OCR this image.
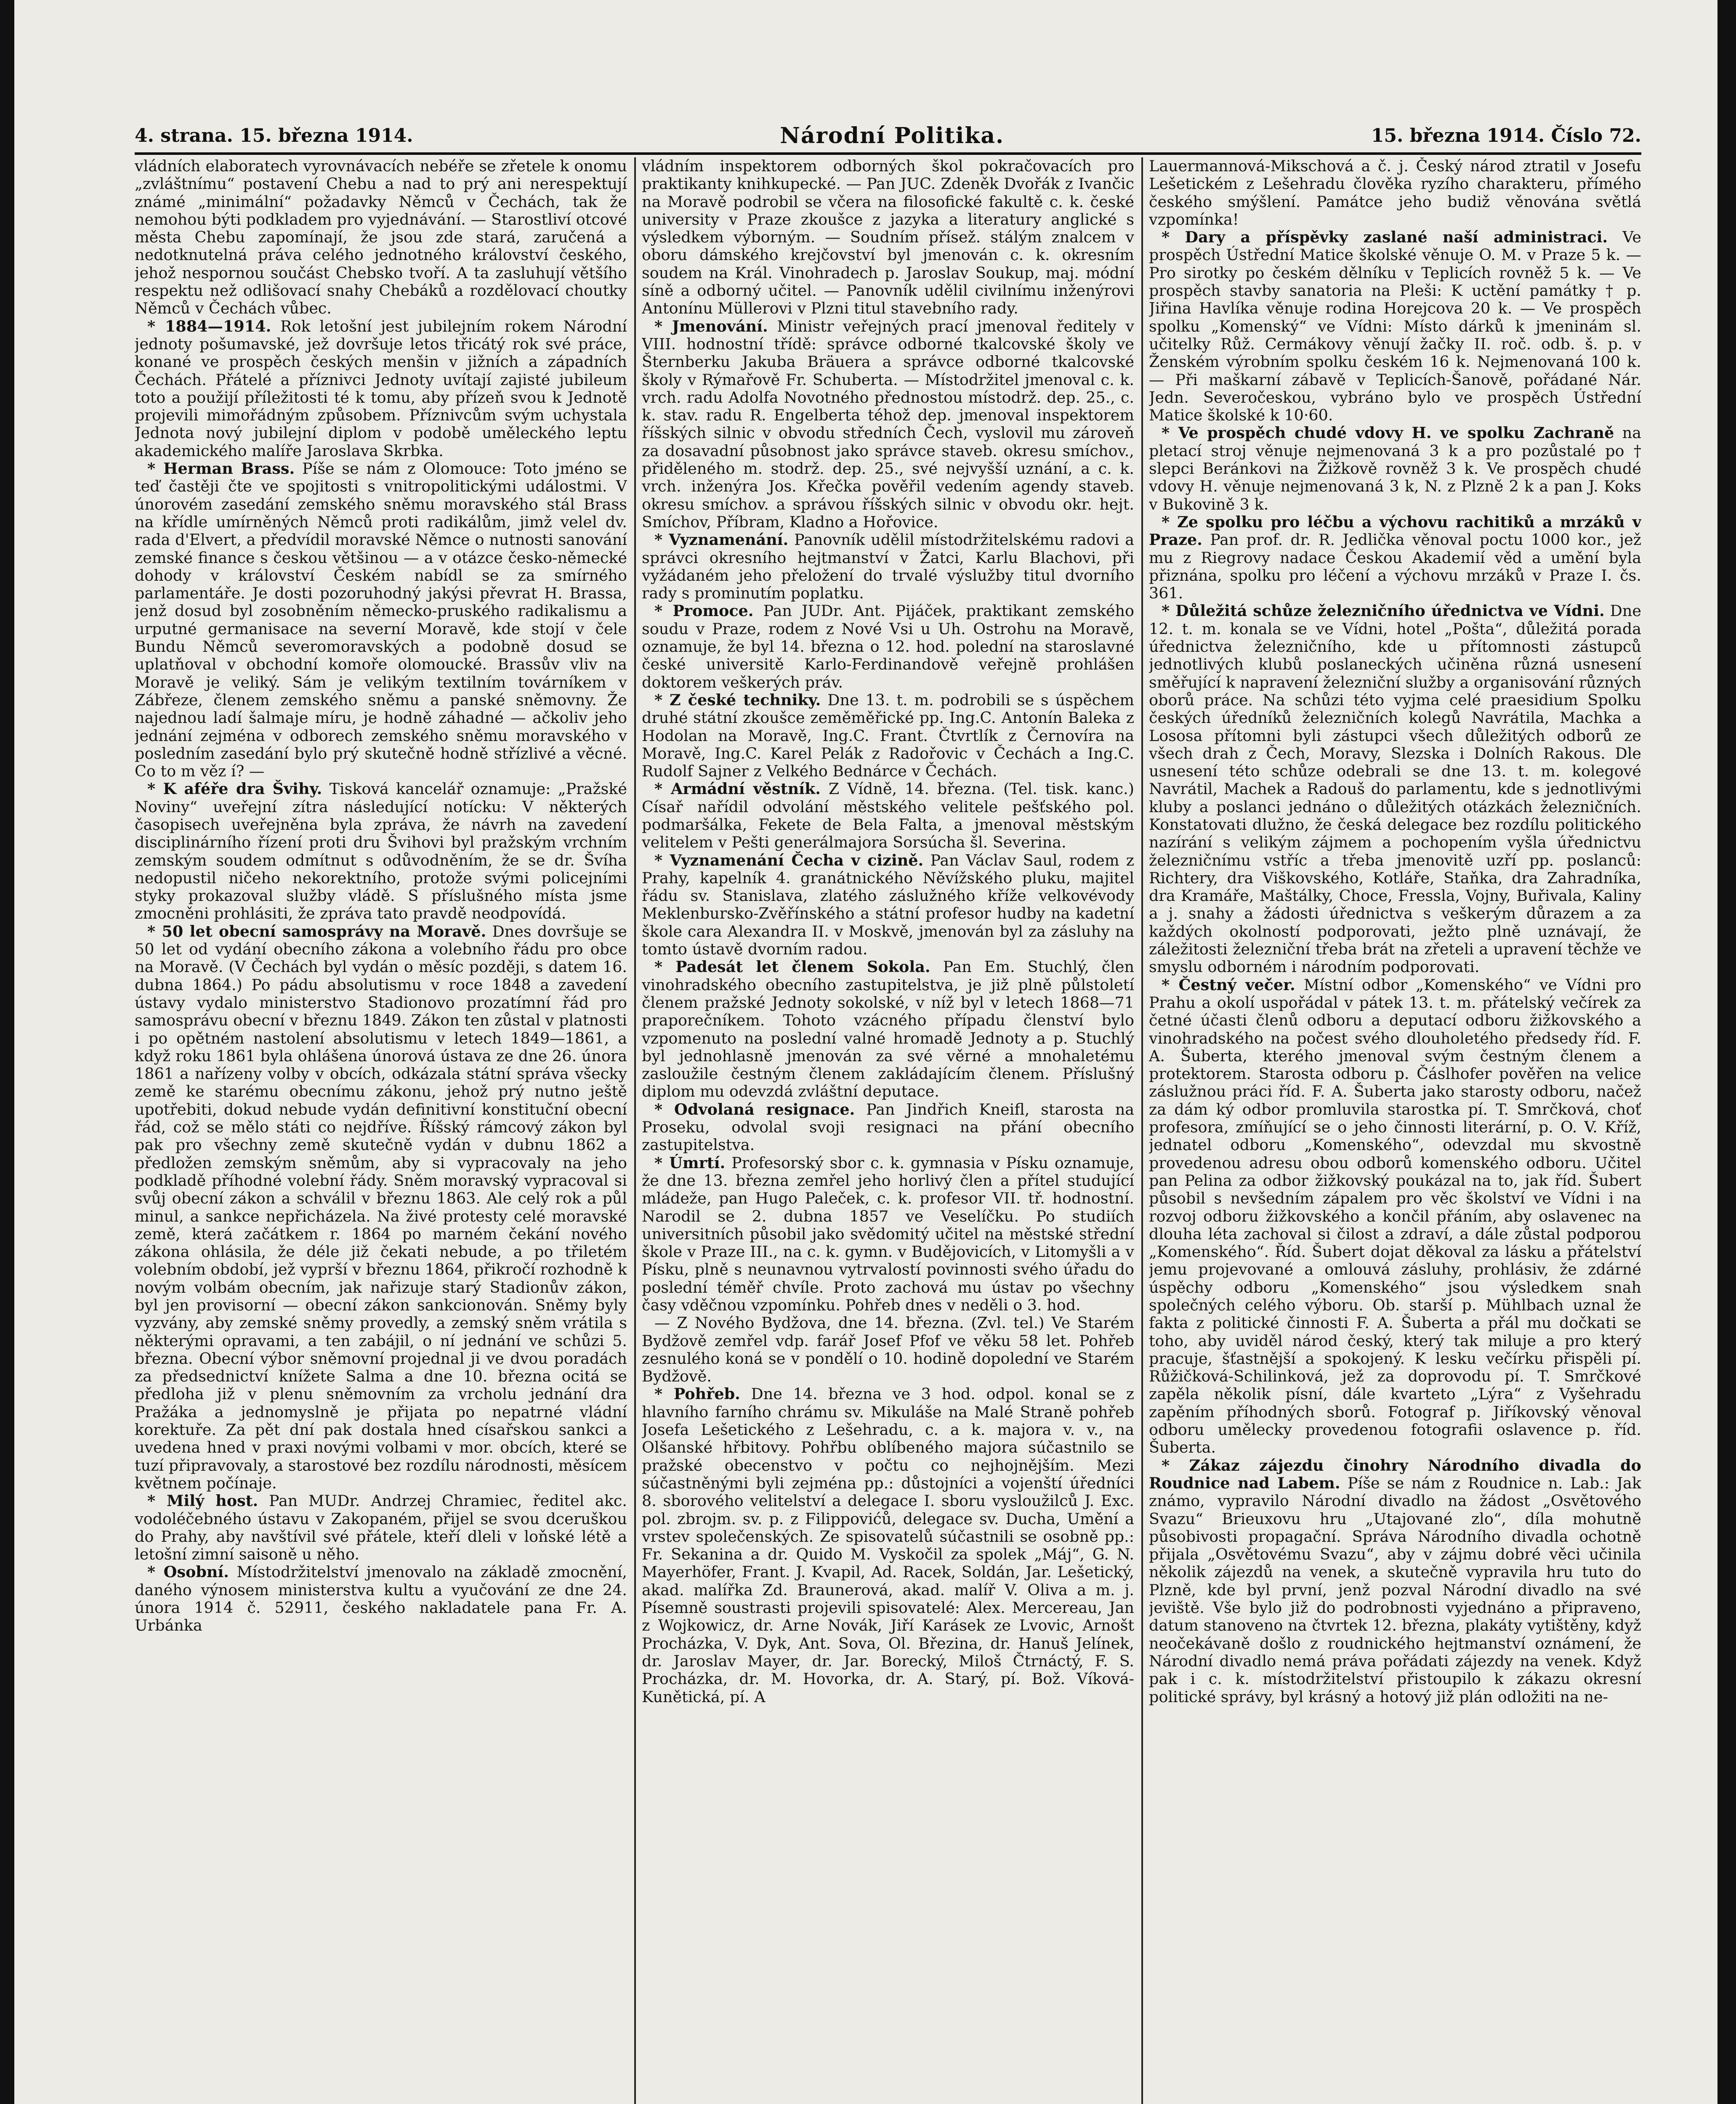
4. strana. 15. března 1914.	Národní Politika.	15. března 1914. Číslo 72.

vládních elaboratech vyrovnávacích nebéře se zřetele k onomu „zvláštnímu“ postavení Chebu a nad to prý ani nerespektují známé „minimální“ požadavky Němců v Čechách, tak že nemohou býti podkladem pro vyjednávání. — Starostliví otcové města Chebu zapomínají, že jsou zde stará, zaručená a nedotknutelná práva celého jednotného království českého, jehož nespornou součást Chebsko tvoří. A ta zasluhují většího respektu než odlišovací snahy Chebáků a rozdělovací choutky Němců v Čechách vůbec.

* 1884—1914. Rok letošní jest jubilejním rokem Národní jednoty pošumavské, jež dovršuje letos třicátý rok své práce, konané ve prospěch českých menšin v jižních a západních Čechách. Přátelé a příznivci Jednoty uvítají zajisté jubileum toto a použijí příležitosti té k tomu, aby přízeň svou k Jednotě projevili mimořádným způsobem. Příznivcům svým uchystala Jednota nový jubilejní diplom v podobě uměleckého leptu akademického malíře Jaroslava Skrbka.

* Herman Brass. Píše se nám z Olomouce: Toto jméno se teď častěji čte ve spojitosti s vnitropolitickými událostmi. V únorovém zasedání zemského sněmu moravského stál Brass na křídle umírněných Němců proti radikálům, jimž velel dv. rada d'Elvert, a předvídil moravské Němce o nutnosti sanování zemské finance s českou většinou — a v otázce česko-německé dohody v království Českém nabídl se za smírného parlamentáře. Je dosti pozoruhodný jakýsi převrat H. Brassa, jenž dosud byl zosobněním německo-pruského radikalismu a urputné germanisace na severní Moravě, kde stojí v čele Bundu Němců severomoravských a podobně dosud se uplatňoval v obchodní komoře olomoucké. Brassův vliv na Moravě je veliký. Sám je velikým textilním továrníkem v Zábřeze, členem zemského sněmu a panské sněmovny. Že najednou ladí šalmaje míru, je hodně záhadné — ačkoliv jeho jednání zejména v odborech zemského sněmu moravského v posledním zasedání bylo prý skutečně hodně střízlivé a věcné. Co to m věz í? —

* K aféře dra Švihy. Tisková kancelář oznamuje: „Pražské Noviny“ uveřejní zítra následující notícku: V některých časopisech uveřejněna byla zpráva, že návrh na zavedení disciplinárního řízení proti dru Švihovi byl pražským vrchním zemským soudem odmítnut s odůvodněním, že se dr. Švíha nedopustil ničeho nekorektního, protože svými policejními styky prokazoval služby vládě. S příslušného místa jsme zmocněni prohlásiti, že zpráva tato pravdě neodpovídá.

* 50 let obecní samosprávy na Moravě. Dnes dovršuje se 50 let od vydání obecního zákona a volebního řádu pro obce na Moravě. (V Čechách byl vydán o měsíc později, s datem 16. dubna 1864.) Po pádu absolutismu v roce 1848 a zavedení ústavy vydalo ministerstvo Stadionovo prozatímní řád pro samosprávu obecní v březnu 1849. Zákon ten zůstal v platnosti i po opětném nastolení absolutismu v letech 1849—1861, a když roku 1861 byla ohlášena únorová ústava ze dne 26. února 1861 a nařízeny volby v obcích, odkázala státní správa všecky země ke starému obecnímu zákonu, jehož prý nutno ještě upotřebiti, dokud nebude vydán definitivní konstituční obecní řád, což se mělo státi co nejdříve. Říšský rámcový zákon byl pak pro všechny země skutečně vydán v dubnu 1862 a předložen zemským sněmům, aby si vypracovaly na jeho podkladě příhodné volební řády. Sněm moravský vypracoval si svůj obecní zákon a schválil v březnu 1863. Ale celý rok a půl minul, a sankce nepřicházela. Na živé protesty celé moravské země, která začátkem r. 1864 po marném čekání nového zákona ohlásila, že déle již čekati nebude, a po třiletém volebním období, jež vyprší v březnu 1864, přikročí rozhodně k novým volbám obecním, jak nařizuje starý Stadionův zákon, byl jen provisorní — obecní zákon sankcionován. Sněmy byly vyzvány, aby zemské sněmy provedly, a zemský sněm vrátila s některými opravami, a ten zabájil, o ní jednání ve schůzi 5. března. Obecní výbor sněmovní projednal ji ve dvou poradách za předsednictví knížete Salma a dne 10. března ocitá se předloha již v plenu sněmovním za vrcholu jednání dra Pražáka a jednomyslně je přijata po nepatrné vládní korektuře. Za pět dní pak dostala hned císařskou sankci a uvedena hned v praxi novými volbami v mor. obcích, které se tuzí připravovaly, a starostové bez rozdílu národnosti, měsícem květnem počínaje.

* Milý host. Pan MUDr. Andrzej Chramiec, ředitel akc. vodoléčebného ústavu v Zakopaném, přijel se svou dceruškou do Prahy, aby navštívil své přátele, kteří dleli v loňské létě a letošní zimní saisoně u něho.

* Osobní. Místodržitelství jmenovalo na základě zmocnění, daného výnosem ministerstva kultu a vyučování ze dne 24. února 1914 č. 52911, českého nakladatele pana Fr. A. Urbánka

vládním inspektorem odborných škol pokračovacích pro praktikanty knihkupecké. — Pan JUC. Zdeněk Dvořák z Ivančic na Moravě podrobil se včera na filosofické fakultě c. k. české university v Praze zkoušce z jazyka a literatury anglické s výsledkem výborným. — Soudním přísež. stálým znalcem v oboru dámského krejčovství byl jmenován c. k. okresním soudem na Král. Vinohradech p. Jaroslav Soukup, maj. módní síně a odborný učitel. — Panovník udělil civilnímu inženýrovi Antonínu Müllerovi v Plzni titul stavebního rady.

* Jmenování. Ministr veřejných prací jmenoval ředitely v VIII. hodnostní třídě: správce odborné tkalcovské školy ve Šternberku Jakuba Bräuera a správce odborné tkalcovské školy v Rýmařově Fr. Schuberta. — Místodržitel jmenoval c. k. vrch. radu Adolfa Novotného přednostou místodrž. dep. 25., c. k. stav. radu R. Engelberta téhož dep. jmenoval inspektorem říšských silnic v obvodu středních Čech, vyslovil mu zároveň za dosavadní působnost jako správce staveb. okresu smíchov., přiděleného m. stodrž. dep. 25., své nejvyšší uznání, a c. k. vrch. inženýra Jos. Křečka pověřil vedením agendy staveb. okresu smíchov. a správou říšských silnic v obvodu okr. hejt. Smíchov, Příbram, Kladno a Hořovice.

* Vyznamenání. Panovník udělil místodržitelskému radovi a správci okresního hejtmanství v Žatci, Karlu Blachovi, při vyžádaném jeho přeložení do trvalé výslužby titul dvorního rady s prominutím poplatku.

* Promoce. Pan JUDr. Ant. Pijáček, praktikant zemského soudu v Praze, rodem z Nové Vsi u Uh. Ostrohu na Moravě, oznamuje, že byl 14. března o 12. hod. polední na staroslavné české universitě Karlo-Ferdinandově veřejně prohlášen doktorem veškerých práv.

* Z české techniky. Dne 13. t. m. podrobili se s úspěchem druhé státní zkoušce zeměměřické pp. Ing.C. Antonín Baleka z Hodolan na Moravě, Ing.C. Frant. Čtvrtlík z Černovíra na Moravě, Ing.C. Karel Pelák z Radořovic v Čechách a Ing.C. Rudolf Sajner z Velkého Bednárce v Čechách.

* Armádní věstník. Z Vídně, 14. března. (Tel. tisk. kanc.) Císař nařídil odvolání městského velitele pešťského pol. podmaršálka, Fekete de Bela Falta, a jmenoval městským velitelem v Pešti generálmajora Sorsúcha šl. Severina.

* Vyznamenání Čecha v cizině. Pan Václav Saul, rodem z Prahy, kapelník 4. granátnického Něvížského pluku, majitel řádu sv. Stanislava, zlatého záslužného kříže velkovévody Meklenbursko-Zvěřínského a státní profesor hudby na kadetní škole cara Alexandra II. v Moskvě, jmenován byl za zásluhy na tomto ústavě dvorním radou.

* Padesát let členem Sokola. Pan Em. Stuchlý, člen vinohradského obecního zastupitelstva, je již plně půlstoletí členem pražské Jednoty sokolské, v níž byl v letech 1868—71 praporečníkem. Tohoto vzácného případu členství bylo vzpomenuto na poslední valné hromadě Jednoty a p. Stuchlý byl jednohlasně jmenován za své věrné a mnohaletému zasloužile čestným členem zakládajícím členem. Příslušný diplom mu odevzdá zvláštní deputace.

* Odvolaná resignace. Pan Jindřich Kneifl, starosta na Proseku, odvolal svoji resignaci na přání obecního zastupitelstva.

* Úmrtí. Profesorský sbor c. k. gymnasia v Písku oznamuje, že dne 13. března zemřel jeho horlivý člen a přítel studující mládeže, pan Hugo Paleček, c. k. profesor VII. tř. hodnostní. Narodil se 2. dubna 1857 ve Veselíčku. Po studiích universitních působil jako svědomitý učitel na městské střední škole v Praze III., na c. k. gymn. v Budějovicích, v Litomyšli a v Písku, plně s neunavnou vytrvalostí povinnosti svého úřadu do poslední téměř chvíle. Proto zachová mu ústav po všechny časy vděčnou vzpomínku. Pohřeb dnes v neděli o 3. hod.

— Z Nového Bydžova, dne 14. března. (Zvl. tel.) Ve Starém Bydžově zemřel vdp. farář Josef Pfof ve věku 58 let. Pohřeb zesnulého koná se v pondělí o 10. hodině dopolední ve Starém Bydžově.

* Pohřeb. Dne 14. března ve 3 hod. odpol. konal se z hlavního farního chrámu sv. Mikuláše na Malé Straně pohřeb Josefa Lešetického z Lešehradu, c. a k. majora v. v., na Olšanské hřbitovy. Pohřbu oblíbeného majora súčastnilo se pražské obecenstvo v počtu co nejhojnějším. Mezi súčastněnými byli zejména pp.: důstojníci a vojenští úředníci 8. sborového velitelství a delegace I. sboru vysloužilců J. Exc. pol. zbrojm. sv. p. z Filippovićů, delegace sv. Ducha, Umění a vrstev společenských. Ze spisovatelů súčastnili se osobně pp.: Fr. Sekanina a dr. Quido M. Vyskočil za spolek „Máj“, G. N. Mayerhöfer, Frant. J. Kvapil, Ad. Racek, Soldán, Jar. Lešetický, akad. malířka Zd. Braunerová, akad. malíř V. Oliva a m. j. Písemně soustrasti projevili spisovatelé: Alex. Mercereau, Jan z Wojkowicz, dr. Arne Novák, Jiří Karásek ze Lvovic, Arnošt Procházka, V. Dyk, Ant. Sova, Ol. Březina, dr. Hanuš Jelínek, dr. Jaroslav Mayer, dr. Jar. Borecký, Miloš Čtrnáctý, F. S. Procházka, dr. M. Hovorka, dr. A. Starý, pí. Bož. Víková-Kunětická, pí. A

Lauermannová-Mikschová a č. j. Český národ ztratil v Josefu Lešetickém z Lešehradu člověka ryzího charakteru, přímého českého smýšlení. Památce jeho budiž věnována světlá vzpomínka!

* Dary a příspěvky zaslané naší administraci. Ve prospěch Ústřední Matice školské věnuje O. M. v Praze 5 k. — Pro sirotky po českém dělníku v Teplicích rovněž 5 k. — Ve prospěch stavby sanatoria na Pleši: K uctění památky † p. Jiřina Havlíka věnuje rodina Horejcova 20 k. — Ve prospěch spolku „Komenský“ ve Vídni: Místo dárků k jmeninám sl. učitelky Růž. Cermákovy věnují žačky II. roč. odb. š. p. v Ženském výrobním spolku českém 16 k. Nejmenovaná 100 k. — Při maškarní zábavě v Teplicích-Šanově, pořádané Nár. Jedn. Severočeskou, vybráno bylo ve prospěch Ústřední Matice školské k 10·60.

* Ve prospěch chudé vdovy H. ve spolku Zachraně na pletací stroj věnuje nejmenovaná 3 k a pro pozůstalé po † slepci Beránkovi na Žižkově rovněž 3 k. Ve prospěch chudé vdovy H. věnuje nejmenovaná 3 k, N. z Plzně 2 k a pan J. Koks v Bukovině 3 k.

* Ze spolku pro léčbu a výchovu rachitiků a mrzáků v Praze. Pan prof. dr. R. Jedlička věnoval poctu 1000 kor., jež mu z Riegrovy nadace Českou Akademií věd a umění byla přiznána, spolku pro léčení a výchovu mrzáků v Praze I. čs. 361.

* Důležitá schůze železničního úřednictva ve Vídni. Dne 12. t. m. konala se ve Vídni, hotel „Pošta“, důležitá porada úřednictva železničního, kde u přítomnosti zástupců jednotlivých klubů poslaneckých učiněna různá usnesení směřující k napravení železniční služby a organisování různých oborů práce. Na schůzi této vyjma celé praesidium Spolku českých úředníků železničních kolegů Navrátila, Machka a Lososa přítomni byli zástupci všech důležitých odborů ze všech drah z Čech, Moravy, Slezska i Dolních Rakous. Dle usnesení této schůze odebrali se dne 13. t. m. kolegové Navrátil, Machek a Radouš do parlamentu, kde s jednotlivými kluby a poslanci jednáno o důležitých otázkách železničních. Konstatovati dlužno, že česká delegace bez rozdílu politického nazírání s velikým zájmem a pochopením vyšla úřednictvu železničnímu vstříc a třeba jmenovitě uzří pp. poslanců: Richtery, dra Viškovského, Kotláře, Staňka, dra Zahradníka, dra Kramáře, Maštálky, Choce, Fressla, Vojny, Buřivala, Kaliny a j. snahy a žádosti úřednictva s veškerým důrazem a za každých okolností podporovati, ježto plně uznávají, že záležitosti železniční třeba brát na zřeteli a upravení těchže ve smyslu odborném i národním podporovati.

* Čestný večer. Místní odbor „Komenského“ ve Vídni pro Prahu a okolí uspořádal v pátek 13. t. m. přátelský večírek za četné účasti členů odboru a deputací odboru žižkovského a vinohradského na počest svého dlouholetého předsedy říd. F. A. Šuberta, kterého jmenoval svým čestným členem a protektorem. Starosta odboru p. Čáslhofer pověřen na velice záslužnou práci říd. F. A. Šuberta jako starosty odboru, načež za dám ký odbor promluvila starostka pí. T. Smrčková, choť profesora, zmíňující se o jeho činnosti literární, p. O. V. Kříž, jednatel odboru „Komenského“, odevzdal mu skvostně provedenou adresu obou odborů komenského odboru. Učitel pan Pelina za odbor žižkovský poukázal na to, jak říd. Šubert působil s nevšedním zápalem pro věc školství ve Vídni i na rozvoj odboru žižkovského a končil přáním, aby oslavenec na dlouha léta zachoval si čilost a zdraví, a dále zůstal podporou „Komenského“. Říd. Šubert dojat děkoval za lásku a přátelství jemu projevované a omlouvá zásluhy, prohlásiv, že zdárné úspěchy odboru „Komenského“ jsou výsledkem snah společných celého výboru. Ob. starší p. Mühlbach uznal že fakta z politické činnosti F. A. Šuberta a přál mu dočkati se toho, aby uviděl národ český, který tak miluje a pro který pracuje, šťastnější a spokojený. K lesku večírku přispěli pí. Růžičková-Schilinková, jež za doprovodu pí. T. Smrčkové zapěla několik písní, dále kvarteto „Lýra“ z Vyšehradu zapěním příhodných sborů. Fotograf p. Jiříkovský věnoval odboru umělecky provedenou fotografii oslavence p. říd. Šuberta.

* Zákaz zájezdu činohry Národního divadla do Roudnice nad Labem. Píše se nám z Roudnice n. Lab.: Jak známo, vypravilo Národní divadlo na žádost „Osvětového Svazu“ Brieuxovu hru „Utajované zlo“, díla mohutně působivosti propagační. Správa Národního divadla ochotně přijala „Osvětovému Svazu“, aby v zájmu dobré věci učinila několik zájezdů na venek, a skutečně vypravila hru tuto do Plzně, kde byl první, jenž pozval Národní divadlo na své jeviště. Vše bylo již do podrobnosti vyjednáno a připraveno, datum stanoveno na čtvrtek 12. března, plakáty vytištěny, když neočekávaně došlo z roudnického hejtmanství oznámení, že Národní divadlo nemá práva pořádati zájezdy na venek. Když pak i c. k. místodržitelství přistoupilo k zákazu okresní politické správy, byl krásný a hotový již plán odložiti na ne-
